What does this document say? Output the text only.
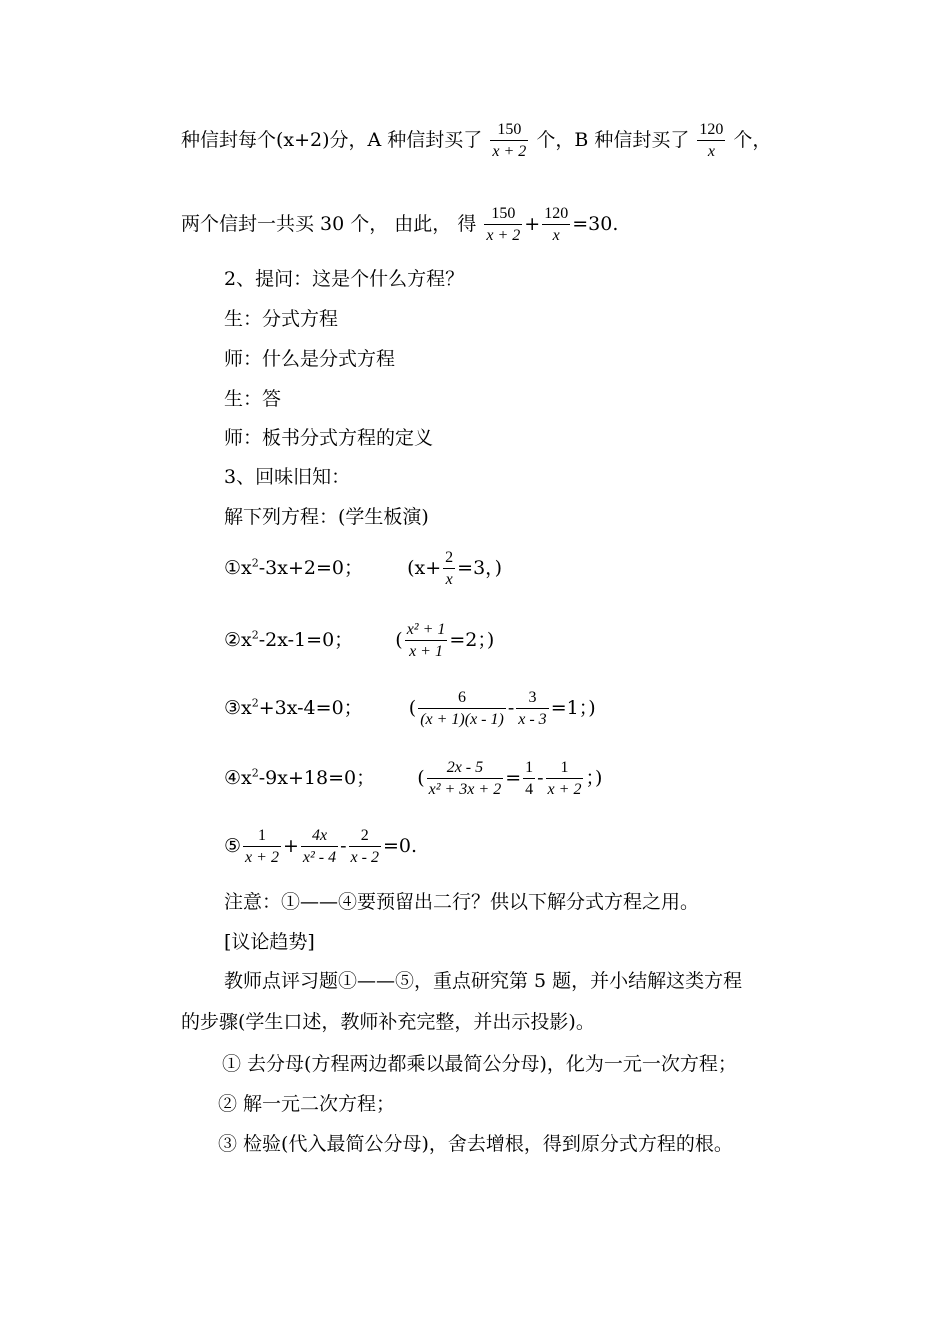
种信封每个(x+2)分，A 种信封买了 $\frac{150}{x + 2}$ 个，B 种信封买了 $\frac{120}{x}$ 个，
两个信封一共买 30 个， 由此， 得 $\frac{150}{x + 2} + \frac{120}{x} =30$.
2、提问：这是个什么方程？
生：分式方程
师：什么是分式方程
生：答
师：板书分式方程的定义
3、回味旧知：
解下列方程：(学生板演)
$①x^2-3x+2=0$； ($x+ \frac{2}{x} =3$，)
$②x^2-2x-1=0$； ( $\frac{\text{x² + 1}}{x + 1} =2$；)
$③x^2+3x-4=0$； ( $\frac{6}{(x + 1)(x - 1)} - \frac{3}{x - 3} =1$；)
$④x^2-9x+18=0$； ( $\frac{2x - 5}{\text{x² + 3x + 2}} = \frac{1}{4} - \frac{1}{x + 2}$ ；)
⑤ $\frac{1}{x + 2} + \frac{4x}{\text{x² - 4}} - \frac{2}{x - 2} =0$.
注意：①——④要预留出二行？供以下解分式方程之用。
[议论趋势]
教师点评习题①——⑤，重点研究第 5 题，并小结解这类方程
的步骤(学生口述，教师补充完整，并出示投影)。
① 去分母(方程两边都乘以最简公分母)，化为一元一次方程；
② 解一元二次方程；
③ 检验(代入最简公分母)，舍去增根，得到原分式方程的根。
